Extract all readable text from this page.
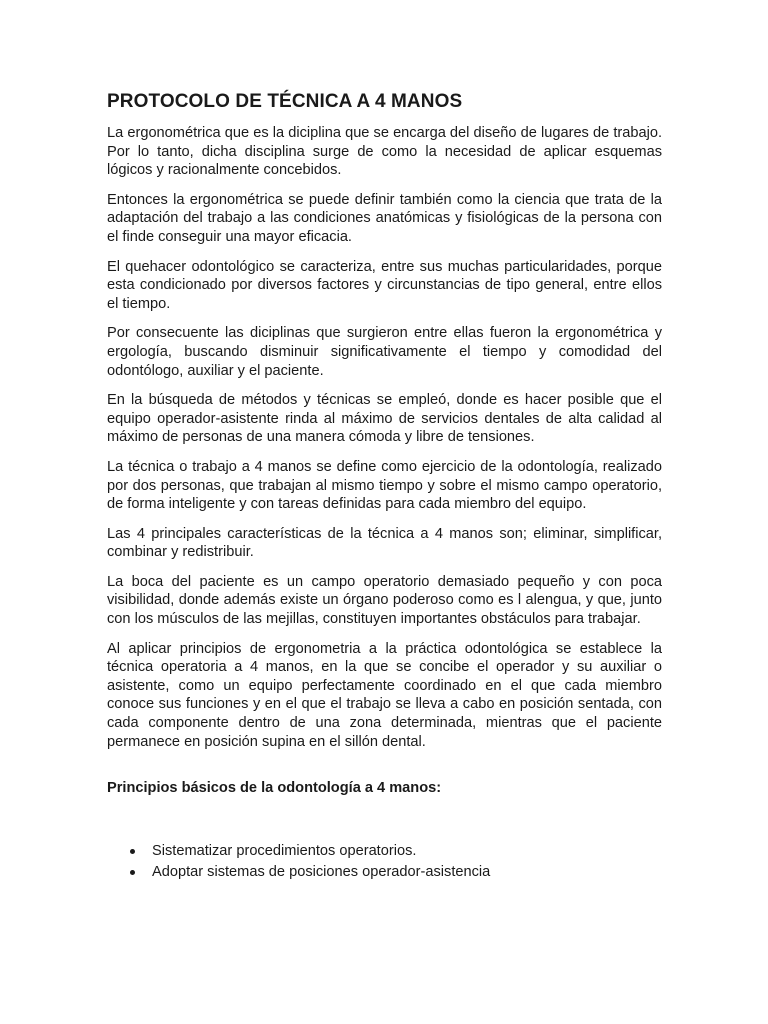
PROTOCOLO DE TÉCNICA A 4 MANOS

La ergonométrica que es la diciplina que se encarga del diseño de lugares de trabajo. Por lo tanto, dicha disciplina surge de como la necesidad de aplicar esquemas lógicos y racionalmente concebidos.

Entonces la ergonométrica se puede definir también como la ciencia que trata de la adaptación del trabajo a las condiciones anatómicas y fisiológicas de la persona con el finde conseguir una mayor eficacia.

El quehacer odontológico se caracteriza, entre sus muchas particularidades, porque esta condicionado por diversos factores y circunstancias de tipo general, entre ellos el tiempo.

Por consecuente las diciplinas que surgieron entre ellas fueron la ergonométrica y ergología, buscando disminuir significativamente el tiempo y comodidad del odontólogo, auxiliar y el paciente.

En la búsqueda de métodos y técnicas se empleó, donde es hacer posible que el equipo operador-asistente rinda al máximo de servicios dentales de alta calidad al máximo de personas de una manera cómoda y libre de tensiones.

La técnica o trabajo a 4 manos se define como ejercicio de la odontología, realizado por dos personas, que trabajan al mismo tiempo y sobre el mismo campo operatorio, de forma inteligente y con tareas definidas para cada miembro del equipo.

Las 4 principales características de la técnica a 4 manos son; eliminar, simplificar, combinar y redistribuir.

La boca del paciente es un campo operatorio demasiado pequeño y con poca visibilidad, donde además existe un órgano poderoso como es l alengua, y que, junto con los músculos de las mejillas, constituyen importantes obstáculos para trabajar.

Al aplicar principios de ergonometria a la práctica odontológica se establece la técnica operatoria a 4 manos, en la que se concibe el operador y su auxiliar o asistente, como un equipo perfectamente coordinado en el que cada miembro conoce sus funciones y en el que el trabajo se lleva a cabo en posición sentada, con cada componente dentro de una zona determinada, mientras que el paciente permanece en posición supina en el sillón dental.

Principios básicos de la odontología a 4 manos:

Sistematizar procedimientos operatorios.
Adoptar sistemas de posiciones operador-asistencia
